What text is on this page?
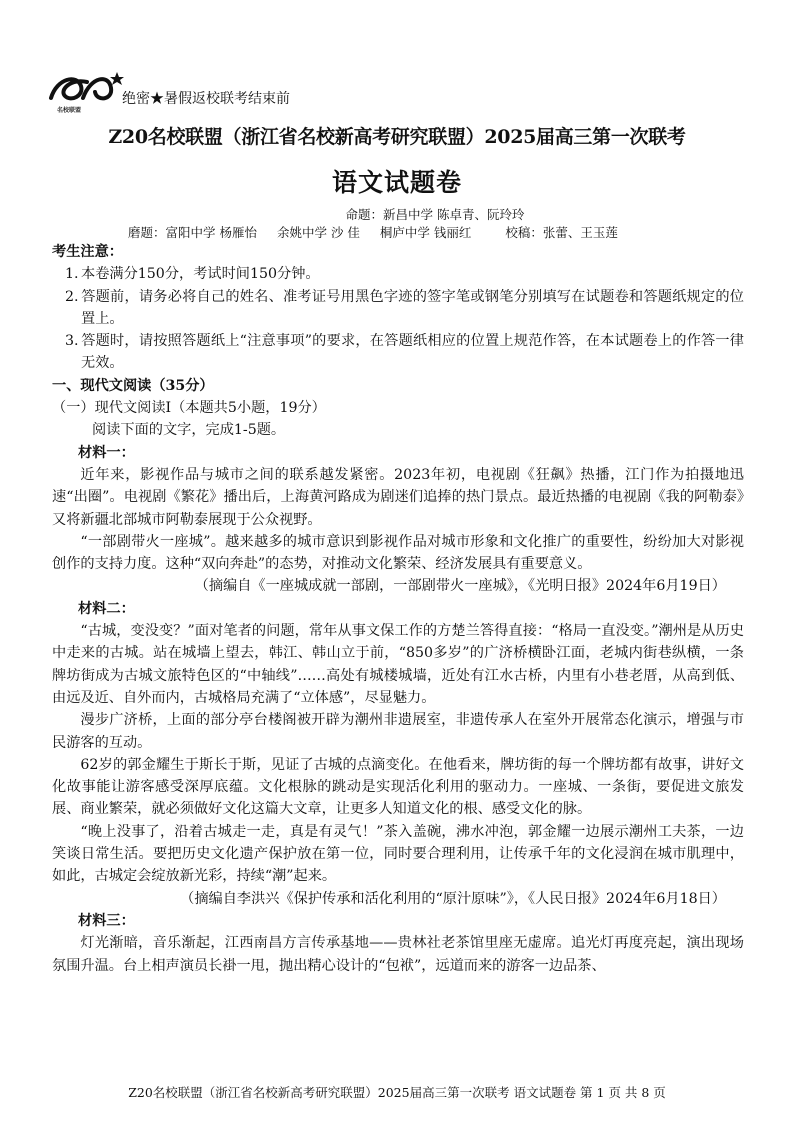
名校联盟
绝密★暑假返校联考结束前
Z20名校联盟（浙江省名校新高考研究联盟）2025届高三第一次联考
语文试题卷
命题：新昌中学 陈卓青、阮玲玲
磨题：富阳中学 杨雁怡 余姚中学 沙 佳 桐庐中学 钱丽红	校稿：张蕾、王玉莲

考生注意：

1. 本卷满分150分，考试时间150分钟。

2. 答题前，请务必将自己的姓名、准考证号用黑色字迹的签字笔或钢笔分别填写在试题卷和答题纸规定的位置上。

3. 答题时，请按照答题纸上“注意事项”的要求，在答题纸相应的位置上规范作答，在本试题卷上的作答一律无效。

一、现代文阅读（35分）

（一）现代文阅读Ⅰ（本题共5小题，19分）

阅读下面的文字，完成1-5题。

材料一：

近年来，影视作品与城市之间的联系越发紧密。2023年初，电视剧《狂飙》热播，江门作为拍摄地迅速“出圈”。电视剧《繁花》播出后，上海黄河路成为剧迷们追捧的热门景点。最近热播的电视剧《我的阿勒泰》又将新疆北部城市阿勒泰展现于公众视野。

“一部剧带火一座城”。越来越多的城市意识到影视作品对城市形象和文化推广的重要性，纷纷加大对影视创作的支持力度。这种“双向奔赴”的态势，对推动文化繁荣、经济发展具有重要意义。

（摘编自《一座城成就一部剧，一部剧带火一座城》，《光明日报》2024年6月19日）

材料二：

“古城，变没变？”面对笔者的问题，常年从事文保工作的方楚兰答得直接：“格局一直没变。”潮州是从历史中走来的古城。站在城墙上望去，韩江、韩山立于前，“850多岁”的广济桥横卧江面，老城内街巷纵横，一条牌坊街成为古城文旅特色区的“中轴线”……高处有城楼城墙，近处有江水古桥，内里有小巷老厝，从高到低、由远及近、自外而内，古城格局充满了“立体感”，尽显魅力。

漫步广济桥，上面的部分亭台楼阁被开辟为潮州非遗展室，非遗传承人在室外开展常态化演示，增强与市民游客的互动。

62岁的郭金耀生于斯长于斯，见证了古城的点滴变化。在他看来，牌坊街的每一个牌坊都有故事，讲好文化故事能让游客感受深厚底蕴。文化根脉的跳动是实现活化利用的驱动力。一座城、一条街，要促进文旅发展、商业繁荣，就必须做好文化这篇大文章，让更多人知道文化的根、感受文化的脉。

“晚上没事了，沿着古城走一走，真是有灵气！”茶入盖碗，沸水冲泡，郭金耀一边展示潮州工夫茶，一边笑谈日常生活。要把历史文化遗产保护放在第一位，同时要合理利用，让传承千年的文化浸润在城市肌理中，如此，古城定会绽放新光彩，持续“潮”起来。

（摘编自李洪兴《保护传承和活化利用的“原汁原味”》，《人民日报》2024年6月18日）

材料三：

灯光渐暗，音乐渐起，江西南昌方言传承基地——贵林社老茶馆里座无虚席。追光灯再度亮起，演出现场氛围升温。台上相声演员长褂一甩，抛出精心设计的“包袱”，远道而来的游客一边品茶、

Z20名校联盟（浙江省名校新高考研究联盟）2025届高三第一次联考 语文试题卷 第 1 页 共 8 页
